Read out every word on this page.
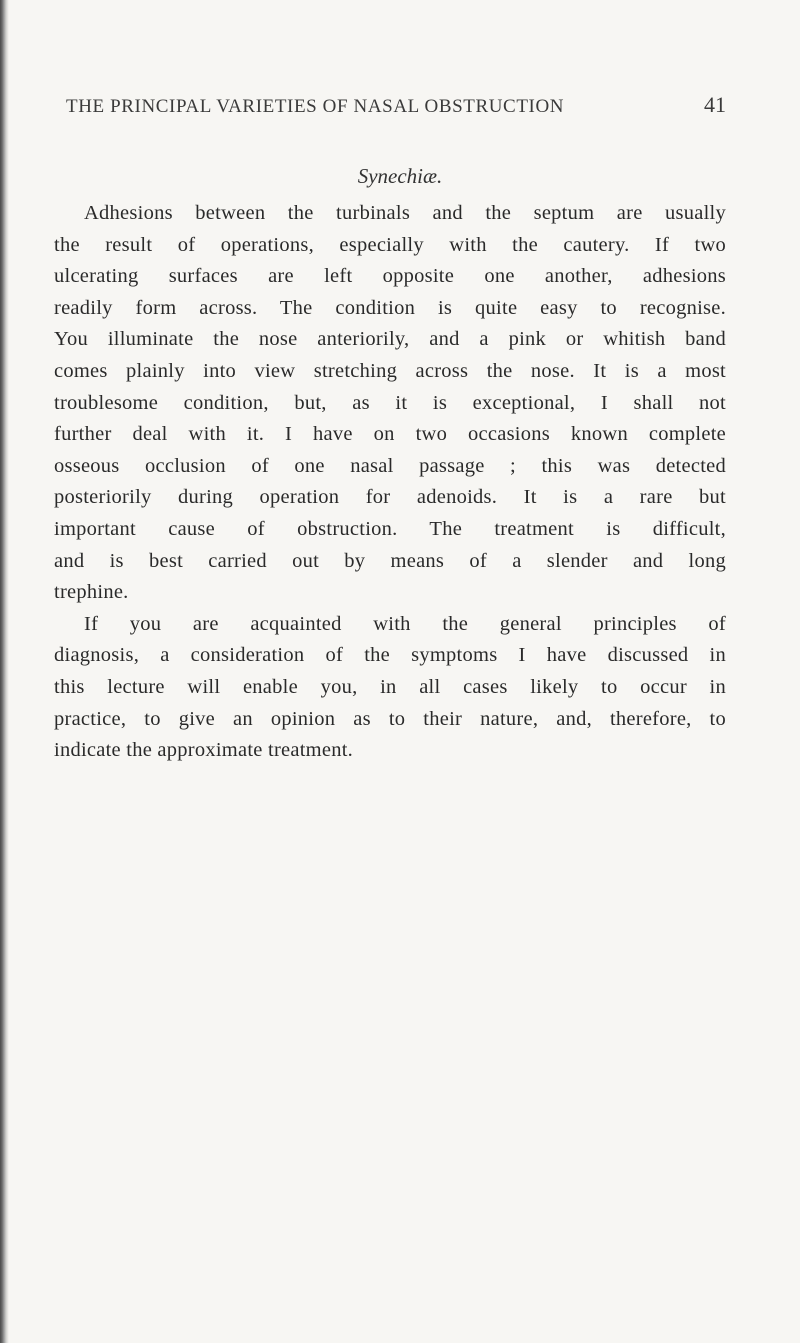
THE PRINCIPAL VARIETIES OF NASAL OBSTRUCTION	41
Synechiæ.
Adhesions between the turbinals and the septum are usually
the result of operations, especially with the cautery. If two
ulcerating surfaces are left opposite one another, adhesions
readily form across. The condition is quite easy to recognise.
You illuminate the nose anteriorily, and a pink or whitish band
comes plainly into view stretching across the nose. It is a most
troublesome condition, but, as it is exceptional, I shall not
further deal with it. I have on two occasions known complete
osseous occlusion of one nasal passage ; this was detected
posteriorily during operation for adenoids. It is a rare but
important cause of obstruction. The treatment is difficult,
and is best carried out by means of a slender and long
trephine.
If you are acquainted with the general principles of
diagnosis, a consideration of the symptoms I have discussed in
this lecture will enable you, in all cases likely to occur in
practice, to give an opinion as to their nature, and, therefore, to
indicate the approximate treatment.
